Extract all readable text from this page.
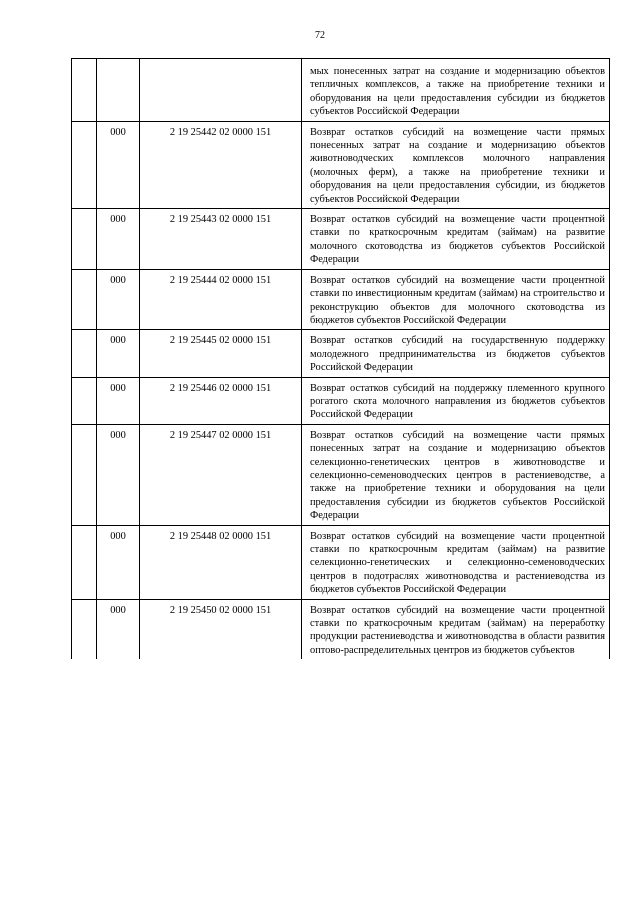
72
			мых понесенных затрат на создание и модернизацию объектов тепличных комплексов, а также на приобретение техники и оборудования на цели предоставления субсидии из бюджетов субъектов Российской Федерации
	000	2 19 25442 02 0000 151	Возврат остатков субсидий на возмещение части прямых понесенных затрат на создание и модернизацию объектов животноводческих комплексов молочного направления (молочных ферм), а также на приобретение техники и оборудования на цели предоставления субсидии, из бюджетов субъектов Российской Федерации
	000	2 19 25443 02 0000 151	Возврат остатков субсидий на возмещение части процентной ставки по краткосрочным кредитам (займам) на развитие молочного скотоводства из бюджетов субъектов Российской Федерации
	000	2 19 25444 02 0000 151	Возврат остатков субсидий на возмещение части процентной ставки по инвестиционным кредитам (займам) на строительство и реконструкцию объектов для молочного скотоводства из бюджетов субъектов Российской Федерации
	000	2 19 25445 02 0000 151	Возврат остатков субсидий на государственную поддержку молодежного предпринимательства из бюджетов субъектов Российской Федерации
	000	2 19 25446 02 0000 151	Возврат остатков субсидий на поддержку племенного крупного рогатого скота молочного направления из бюджетов субъектов Российской Федерации
	000	2 19 25447 02 0000 151	Возврат остатков субсидий на возмещение части прямых понесенных затрат на создание и модернизацию объектов селекционно-генетических центров в животноводстве и селекционно-семеноводческих центров в растениеводстве, а также на приобретение техники и оборудования на цели предоставления субсидии из бюджетов субъектов Российской Федерации
	000	2 19 25448 02 0000 151	Возврат остатков субсидий на возмещение части процентной ставки по краткосрочным кредитам (займам) на развитие селекционно-генетических и селекционно-семеноводческих центров в подотраслях животноводства и растениеводства из бюджетов субъектов Российской Федерации
	000	2 19 25450 02 0000 151	Возврат остатков субсидий на возмещение части процентной ставки по краткосрочным кредитам (займам) на переработку продукции растениеводства и животноводства в области развития оптово-распределительных центров из бюджетов субъектов
